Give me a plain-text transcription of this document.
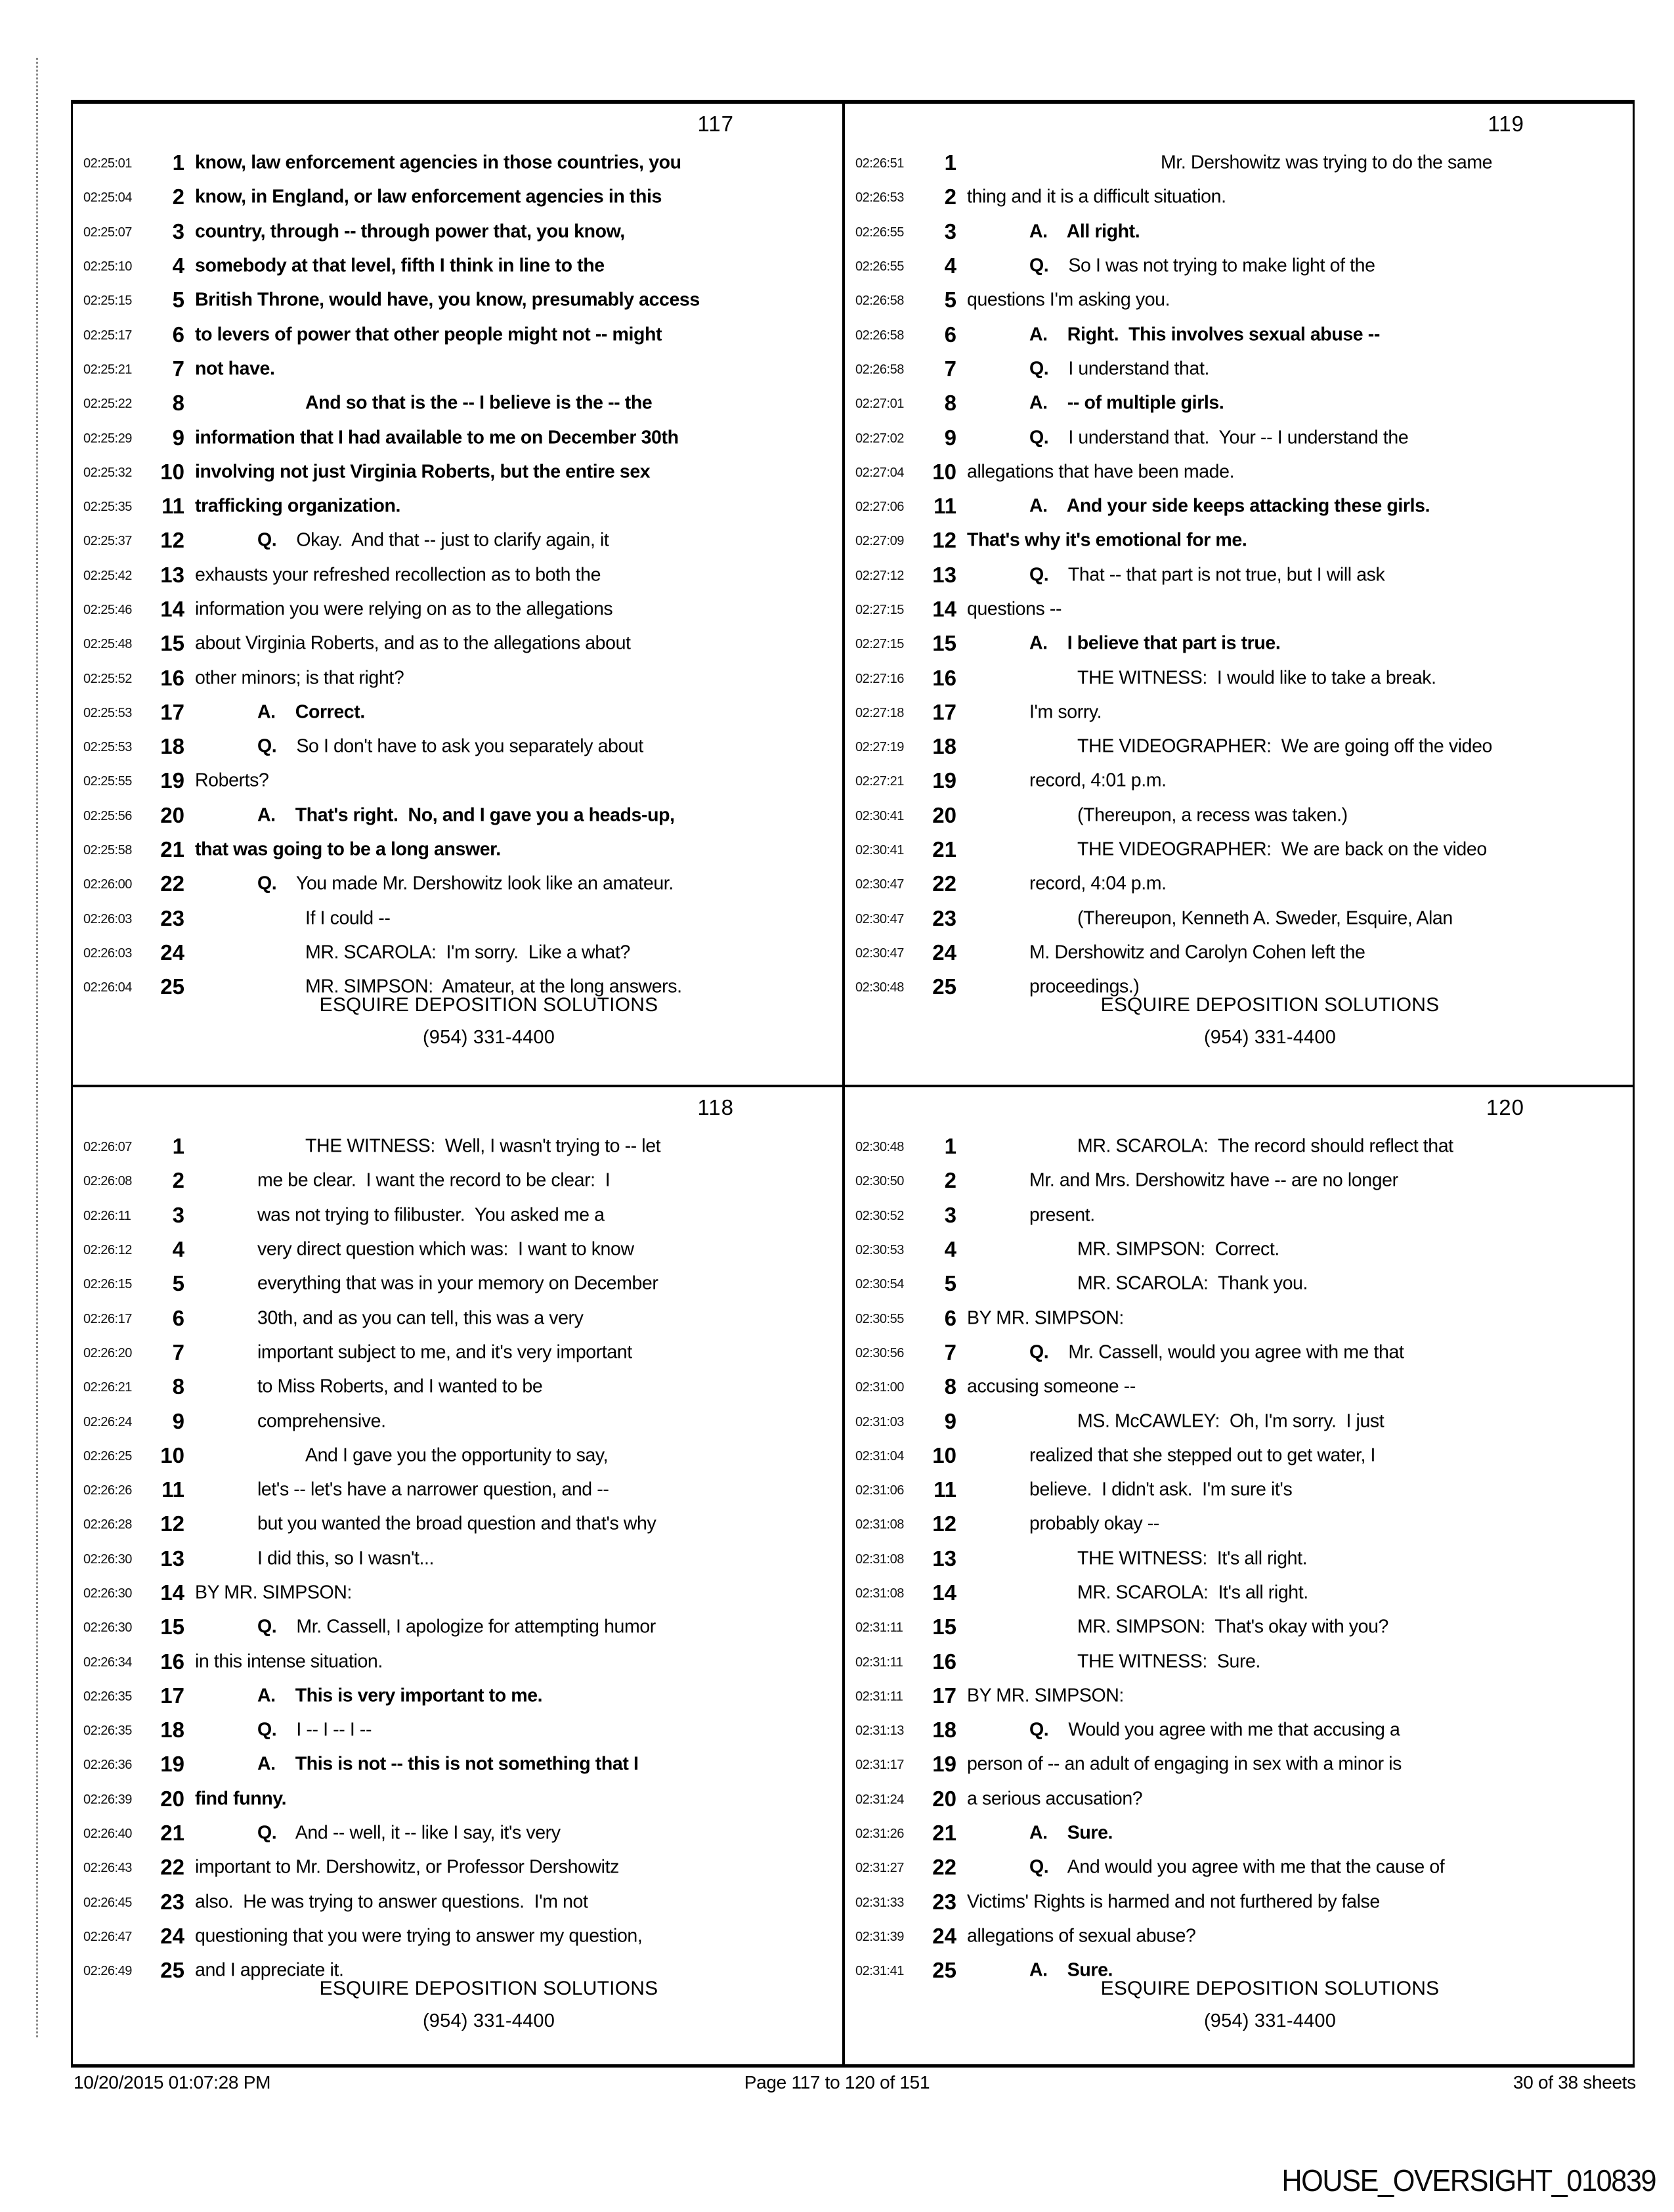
117
02:25:01	1 know, law enforcement agencies in those countries, you
02:25:04	2 know, in England, or law enforcement agencies in this
02:25:07	3 country, through -- through power that, you know,
02:25:10	4 somebody at that level, fifth I think in line to the
02:25:15	5 British Throne, would have, you know, presumably access
02:25:17	6 to levers of power that other people might not -- might
02:25:21	7 not have.
02:25:22	8	And so that is the -- I believe is the -- the
02:25:29	9 information that I had available to me on December 30th
02:25:32	10 involving not just Virginia Roberts, but the entire sex
02:25:35	11 trafficking organization.
02:25:37	12	Q.    Okay.  And that -- just to clarify again, it
02:25:42	13 exhausts your refreshed recollection as to both the
02:25:46	14 information you were relying on as to the allegations
02:25:48	15 about Virginia Roberts, and as to the allegations about
02:25:52	16 other minors; is that right?
02:25:53	17	A.    Correct.
02:25:53	18	Q.    So I don't have to ask you separately about
02:25:55	19 Roberts?
02:25:56	20	A.    That's right.  No, and I gave you a heads-up,
02:25:58	21 that was going to be a long answer.
02:26:00	22	Q.    You made Mr. Dershowitz look like an amateur.
02:26:03	23	If I could --
02:26:03	24	MR. SCAROLA:  I'm sorry.  Like a what?
02:26:04	25	MR. SIMPSON:  Amateur, at the long answers.
ESQUIRE DEPOSITION SOLUTIONS
(954) 331-4400
119
02:26:51	1	Mr. Dershowitz was trying to do the same
02:26:53	2 thing and it is a difficult situation.
02:26:55	3	A.    All right.
02:26:55	4	Q.    So I was not trying to make light of the
02:26:58	5 questions I'm asking you.
02:26:58	6	A.    Right.  This involves sexual abuse --
02:26:58	7	Q.    I understand that.
02:27:01	8	A.    -- of multiple girls.
02:27:02	9	Q.    I understand that.  Your -- I understand the
02:27:04	10 allegations that have been made.
02:27:06	11	A.    And your side keeps attacking these girls.
02:27:09	12 That's why it's emotional for me.
02:27:12	13	Q.    That -- that part is not true, but I will ask
02:27:15	14 questions --
02:27:15	15	A.    I believe that part is true.
02:27:16	16	THE WITNESS:  I would like to take a break.
02:27:18	17	I'm sorry.
02:27:19	18	THE VIDEOGRAPHER:  We are going off the video
02:27:21	19	record, 4:01 p.m.
02:30:41	20	(Thereupon, a recess was taken.)
02:30:41	21	THE VIDEOGRAPHER:  We are back on the video
02:30:47	22	record, 4:04 p.m.
02:30:47	23	(Thereupon, Kenneth A. Sweder, Esquire, Alan
02:30:47	24	M. Dershowitz and Carolyn Cohen left the
02:30:48	25	proceedings.)
ESQUIRE DEPOSITION SOLUTIONS
(954) 331-4400
118
02:26:07	1	THE WITNESS:  Well, I wasn't trying to -- let
02:26:08	2	me be clear.  I want the record to be clear:  I
02:26:11	3	was not trying to filibuster.  You asked me a
02:26:12	4	very direct question which was:  I want to know
02:26:15	5	everything that was in your memory on December
02:26:17	6	30th, and as you can tell, this was a very
02:26:20	7	important subject to me, and it's very important
02:26:21	8	to Miss Roberts, and I wanted to be
02:26:24	9	comprehensive.
02:26:25	10	And I gave you the opportunity to say,
02:26:26	11	let's -- let's have a narrower question, and --
02:26:28	12	but you wanted the broad question and that's why
02:26:30	13	I did this, so I wasn't...
02:26:30	14 BY MR. SIMPSON:
02:26:30	15	Q.    Mr. Cassell, I apologize for attempting humor
02:26:34	16 in this intense situation.
02:26:35	17	A.    This is very important to me.
02:26:35	18	Q.    I -- I -- I --
02:26:36	19	A.    This is not -- this is not something that I
02:26:39	20 find funny.
02:26:40	21	Q.    And -- well, it -- like I say, it's very
02:26:43	22 important to Mr. Dershowitz, or Professor Dershowitz
02:26:45	23 also.  He was trying to answer questions.  I'm not
02:26:47	24 questioning that you were trying to answer my question,
02:26:49	25 and I appreciate it.
ESQUIRE DEPOSITION SOLUTIONS
(954) 331-4400
120
02:30:48	1	MR. SCAROLA:  The record should reflect that
02:30:50	2	Mr. and Mrs. Dershowitz have -- are no longer
02:30:52	3	present.
02:30:53	4	MR. SIMPSON:  Correct.
02:30:54	5	MR. SCAROLA:  Thank you.
02:30:55	6 BY MR. SIMPSON:
02:30:56	7	Q.    Mr. Cassell, would you agree with me that
02:31:00	8 accusing someone --
02:31:03	9	MS. McCAWLEY:  Oh, I'm sorry.  I just
02:31:04	10	realized that she stepped out to get water, I
02:31:06	11	believe.  I didn't ask.  I'm sure it's
02:31:08	12	probably okay --
02:31:08	13	THE WITNESS:  It's all right.
02:31:08	14	MR. SCAROLA:  It's all right.
02:31:11	15	MR. SIMPSON:  That's okay with you?
02:31:11	16	THE WITNESS:  Sure.
02:31:11	17 BY MR. SIMPSON:
02:31:13	18	Q.    Would you agree with me that accusing a
02:31:17	19 person of -- an adult of engaging in sex with a minor is
02:31:24	20 a serious accusation?
02:31:26	21	A.    Sure.
02:31:27	22	Q.    And would you agree with me that the cause of
02:31:33	23 Victims' Rights is harmed and not furthered by false
02:31:39	24 allegations of sexual abuse?
02:31:41	25	A.    Sure.
ESQUIRE DEPOSITION SOLUTIONS
(954) 331-4400
10/20/2015 01:07:28 PM	Page 117 to 120 of 151	30 of 38 sheets
HOUSE_OVERSIGHT_010839
